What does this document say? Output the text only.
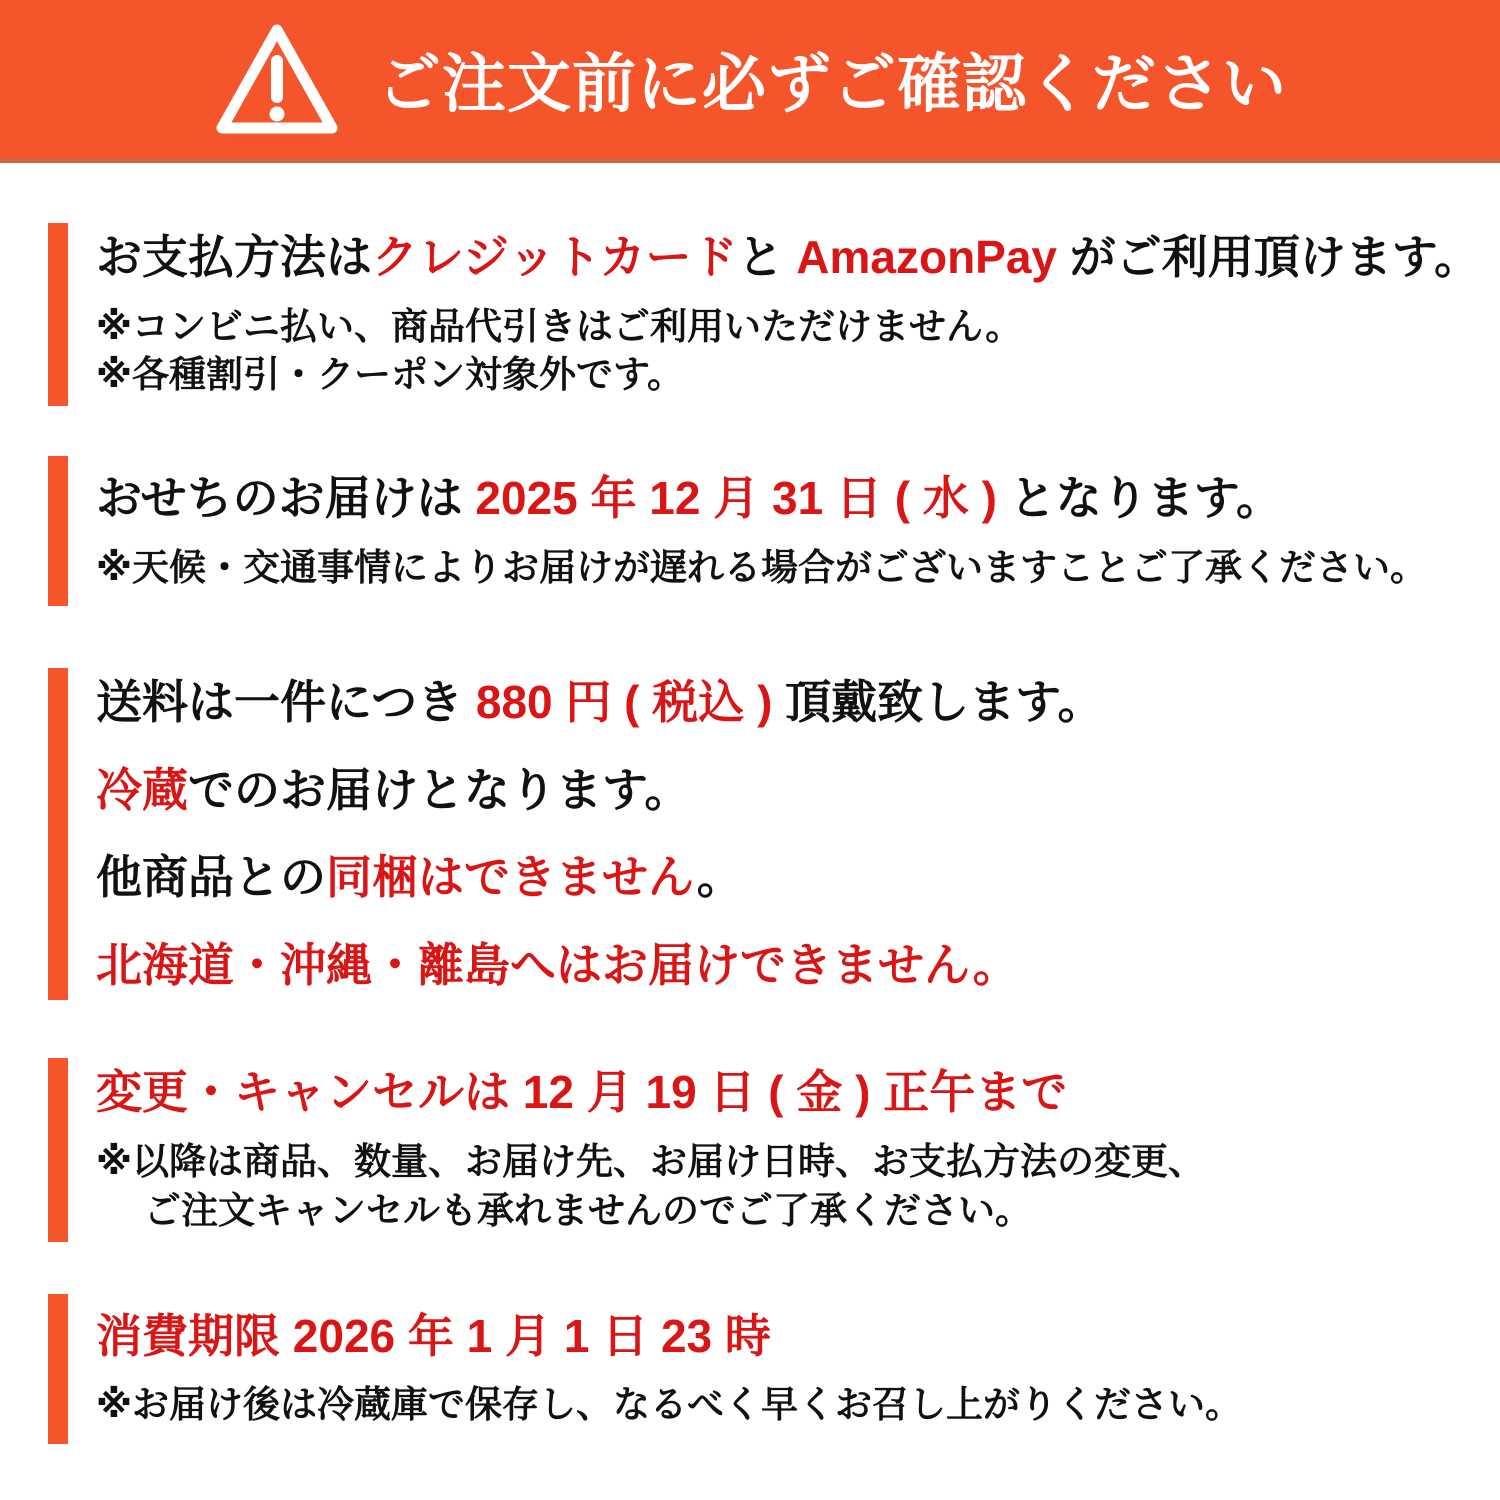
ご注文前に必ずご確認ください
お支払方法はクレジットカードと AmazonPay がご利用頂けます。
※コンビニ払い、商品代引きはご利用いただけません。
※各種割引・クーポン対象外です。
おせちのお届けは 2025 年 12 月 31 日 ( 水 ) となります。
※天候・交通事情によりお届けが遅れる場合がございますことご了承ください。
送料は一件につき 880 円 ( 税込 ) 頂戴致します。
冷蔵でのお届けとなります。
他商品との同梱はできません。
北海道・沖縄・離島へはお届けできません。
変更・キャンセルは 12 月 19 日 ( 金 ) 正午まで
※以降は商品、数量、お届け先、お届け日時、お支払方法の変更、
ご注文キャンセルも承れませんのでご了承ください。
消費期限 2026 年 1 月 1 日 23 時
※お届け後は冷蔵庫で保存し、なるべく早くお召し上がりください。
